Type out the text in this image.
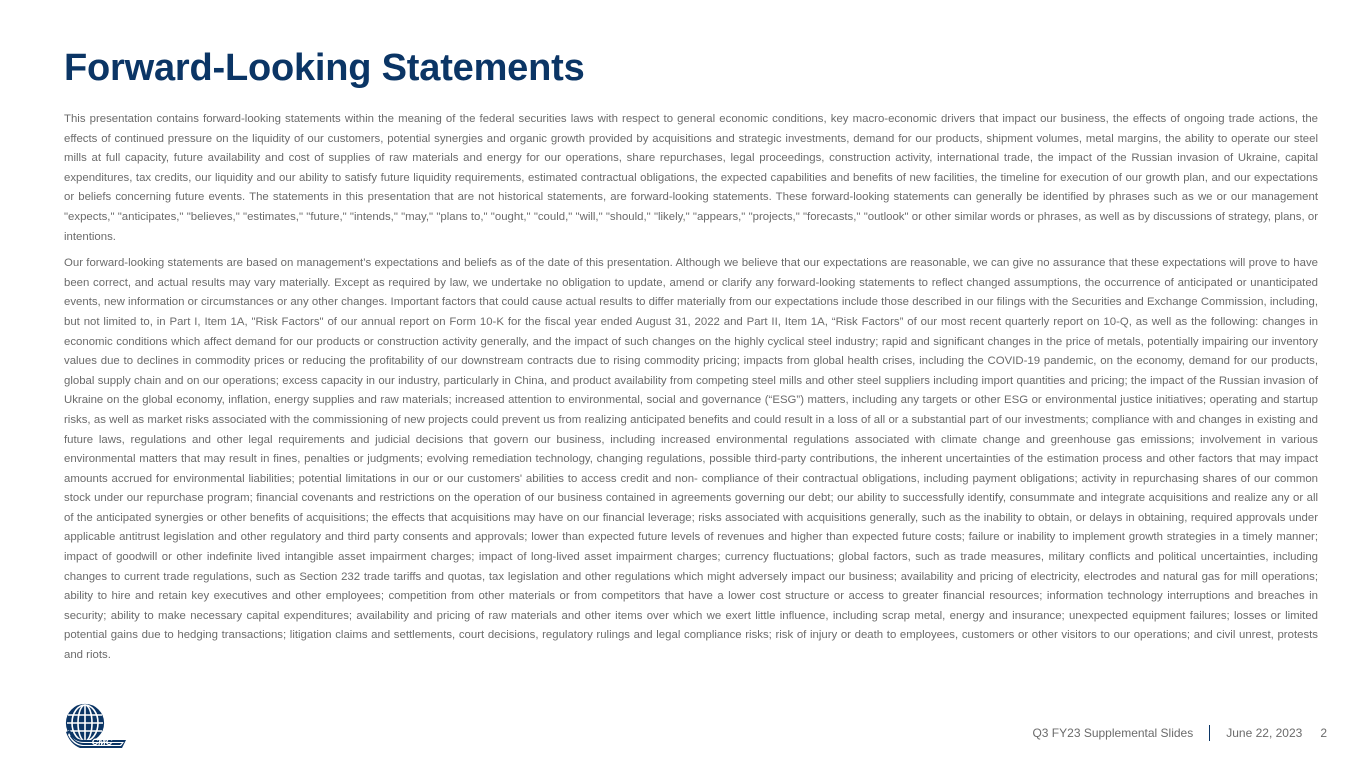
Forward-Looking Statements

This presentation contains forward-looking statements within the meaning of the federal securities laws with respect to general economic conditions, key macro-economic drivers that impact our business, the effects of ongoing trade actions, the effects of continued pressure on the liquidity of our customers, potential synergies and organic growth provided by acquisitions and strategic investments, demand for our products, shipment volumes, metal margins, the ability to operate our steel mills at full capacity, future availability and cost of supplies of raw materials and energy for our operations, share repurchases, legal proceedings, construction activity, international trade, the impact of the Russian invasion of Ukraine, capital expenditures, tax credits, our liquidity and our ability to satisfy future liquidity requirements, estimated contractual obligations, the expected capabilities and benefits of new facilities, the timeline for execution of our growth plan, and our expectations or beliefs concerning future events. The statements in this presentation that are not historical statements, are forward-looking statements. These forward-looking statements can generally be identified by phrases such as we or our management "expects," "anticipates," "believes," "estimates," "future," "intends," "may," "plans to," "ought," "could," "will," "should," "likely," "appears," "projects," "forecasts," "outlook" or other similar words or phrases, as well as by discussions of strategy, plans, or intentions.

Our forward-looking statements are based on management’s expectations and beliefs as of the date of this presentation. Although we believe that our expectations are reasonable, we can give no assurance that these expectations will prove to have been correct, and actual results may vary materially. Except as required by law, we undertake no obligation to update, amend or clarify any forward-looking statements to reflect changed assumptions, the occurrence of anticipated or unanticipated events, new information or circumstances or any other changes. Important factors that could cause actual results to differ materially from our expectations include those described in our filings with the Securities and Exchange Commission, including, but not limited to, in Part I, Item 1A, "Risk Factors" of our annual report on Form 10-K for the fiscal year ended August 31, 2022 and Part II, Item 1A, “Risk Factors” of our most recent quarterly report on 10-Q, as well as the following: changes in economic conditions which affect demand for our products or construction activity generally, and the impact of such changes on the highly cyclical steel industry; rapid and significant changes in the price of metals, potentially impairing our inventory values due to declines in commodity prices or reducing the profitability of our downstream contracts due to rising commodity pricing; impacts from global health crises, including the COVID-19 pandemic, on the economy, demand for our products, global supply chain and on our operations; excess capacity in our industry, particularly in China, and product availability from competing steel mills and other steel suppliers including import quantities and pricing; the impact of the Russian invasion of Ukraine on the global economy, inflation, energy supplies and raw materials; increased attention to environmental, social and governance (“ESG”) matters, including any targets or other ESG or environmental justice initiatives; operating and startup risks, as well as market risks associated with the commissioning of new projects could prevent us from realizing anticipated benefits and could result in a loss of all or a substantial part of our investments; compliance with and changes in existing and future laws, regulations and other legal requirements and judicial decisions that govern our business, including increased environmental regulations associated with climate change and greenhouse gas emissions; involvement in various environmental matters that may result in fines, penalties or judgments; evolving remediation technology, changing regulations, possible third-party contributions, the inherent uncertainties of the estimation process and other factors that may impact amounts accrued for environmental liabilities; potential limitations in our or our customers' abilities to access credit and non- compliance of their contractual obligations, including payment obligations; activity in repurchasing shares of our common stock under our repurchase program; financial covenants and restrictions on the operation of our business contained in agreements governing our debt; our ability to successfully identify, consummate and integrate acquisitions and realize any or all of the anticipated synergies or other benefits of acquisitions; the effects that acquisitions may have on our financial leverage; risks associated with acquisitions generally, such as the inability to obtain, or delays in obtaining, required approvals under applicable antitrust legislation and other regulatory and third party consents and approvals; lower than expected future levels of revenues and higher than expected future costs; failure or inability to implement growth strategies in a timely manner; impact of goodwill or other indefinite lived intangible asset impairment charges; impact of long-lived asset impairment charges; currency fluctuations; global factors, such as trade measures, military conflicts and political uncertainties, including changes to current trade regulations, such as Section 232 trade tariffs and quotas, tax legislation and other regulations which might adversely impact our business; availability and pricing of electricity, electrodes and natural gas for mill operations; ability to hire and retain key executives and other employees; competition from other materials or from competitors that have a lower cost structure or access to greater financial resources; information technology interruptions and breaches in security; ability to make necessary capital expenditures; availability and pricing of raw materials and other items over which we exert little influence, including scrap metal, energy and insurance; unexpected equipment failures; losses or limited potential gains due to hedging transactions; litigation claims and settlements, court decisions, regulatory rulings and legal compliance risks; risk of injury or death to employees, customers or other visitors to our operations; and civil unrest, protests and riots.

CMC
Q3 FY23 Supplemental Slides	June 22, 2023 2
